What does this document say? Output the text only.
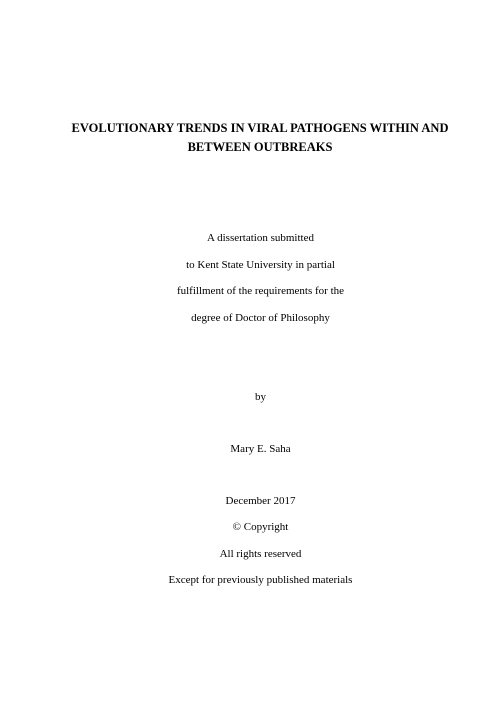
EVOLUTIONARY TRENDS IN VIRAL PATHOGENS WITHIN AND
BETWEEN OUTBREAKS
A dissertation submitted
to Kent State University in partial
fulfillment of the requirements for the
degree of Doctor of Philosophy
by
Mary E. Saha
December 2017
© Copyright
All rights reserved
Except for previously published materials
